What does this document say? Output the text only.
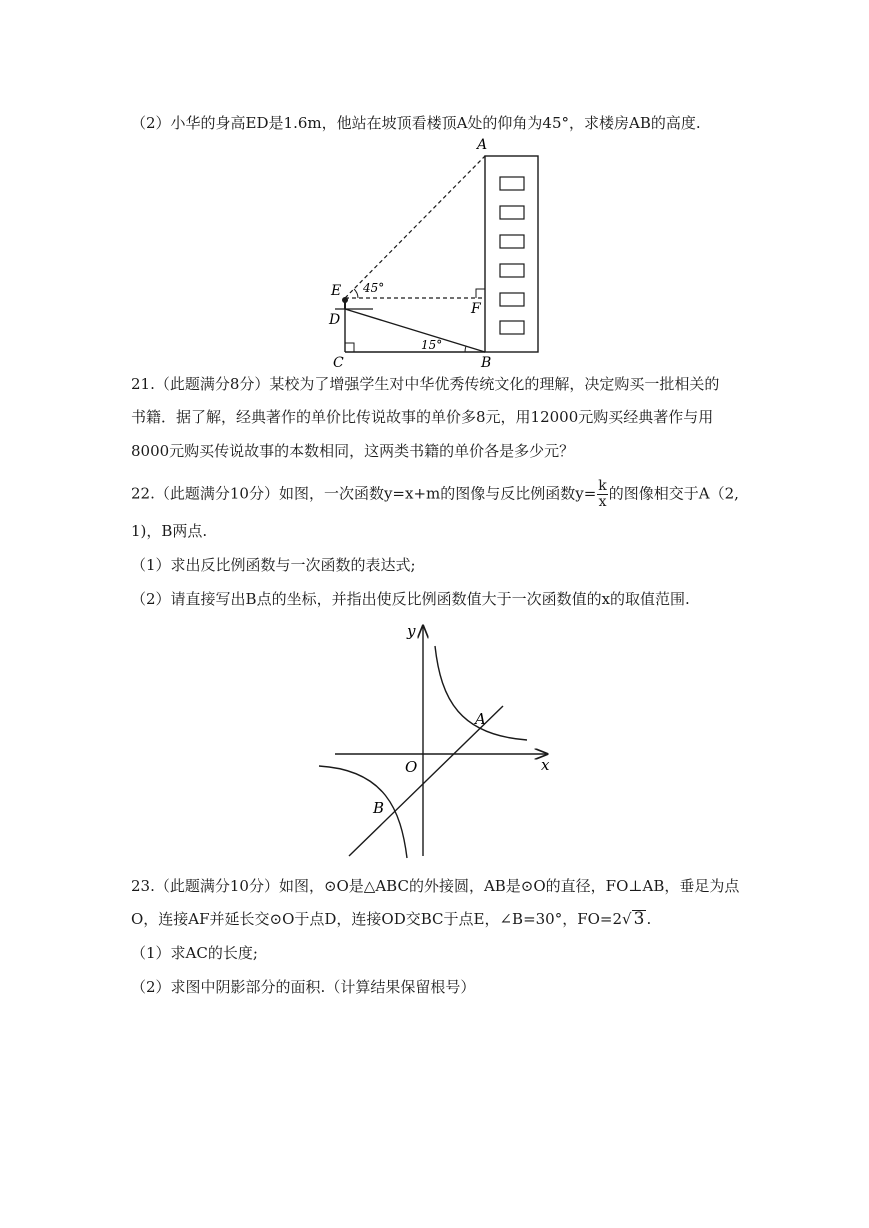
（2）小华的身高ED是1.6m，他站在坡顶看楼顶A处的仰角为45°，求楼房AB的高度.
A
E
D
C	B
F
45°
15°
21.（此题满分8分）某校为了增强学生对中华优秀传统文化的理解，决定购买一批相关的
书籍．据了解，经典著作的单价比传说故事的单价多8元，用12000元购买经典著作与用
8000元购买传说故事的本数相同，这两类书籍的单价各是多少元？
22.（此题满分10分）如图，一次函数y=x+m的图像与反比例函数$y= \frac{k}{x}$ 的图像相交于A（2,
1)，B两点.
（1）求出反比例函数与一次函数的表达式;
（2）请直接写出B点的坐标，并指出使反比例函数值大于一次函数值的x的取值范围.
y
x
O
A
B
23.（此题满分10分）如图，⊙O是△ABC的外接圆，AB是⊙O的直径，FO⊥AB，垂足为点
O，连接AF并延长交⊙O于点D，连接OD交BC于点E，∠B=30°，FO=2√ 3 .
（1）求AC的长度;
（2）求图中阴影部分的面积.（计算结果保留根号）
